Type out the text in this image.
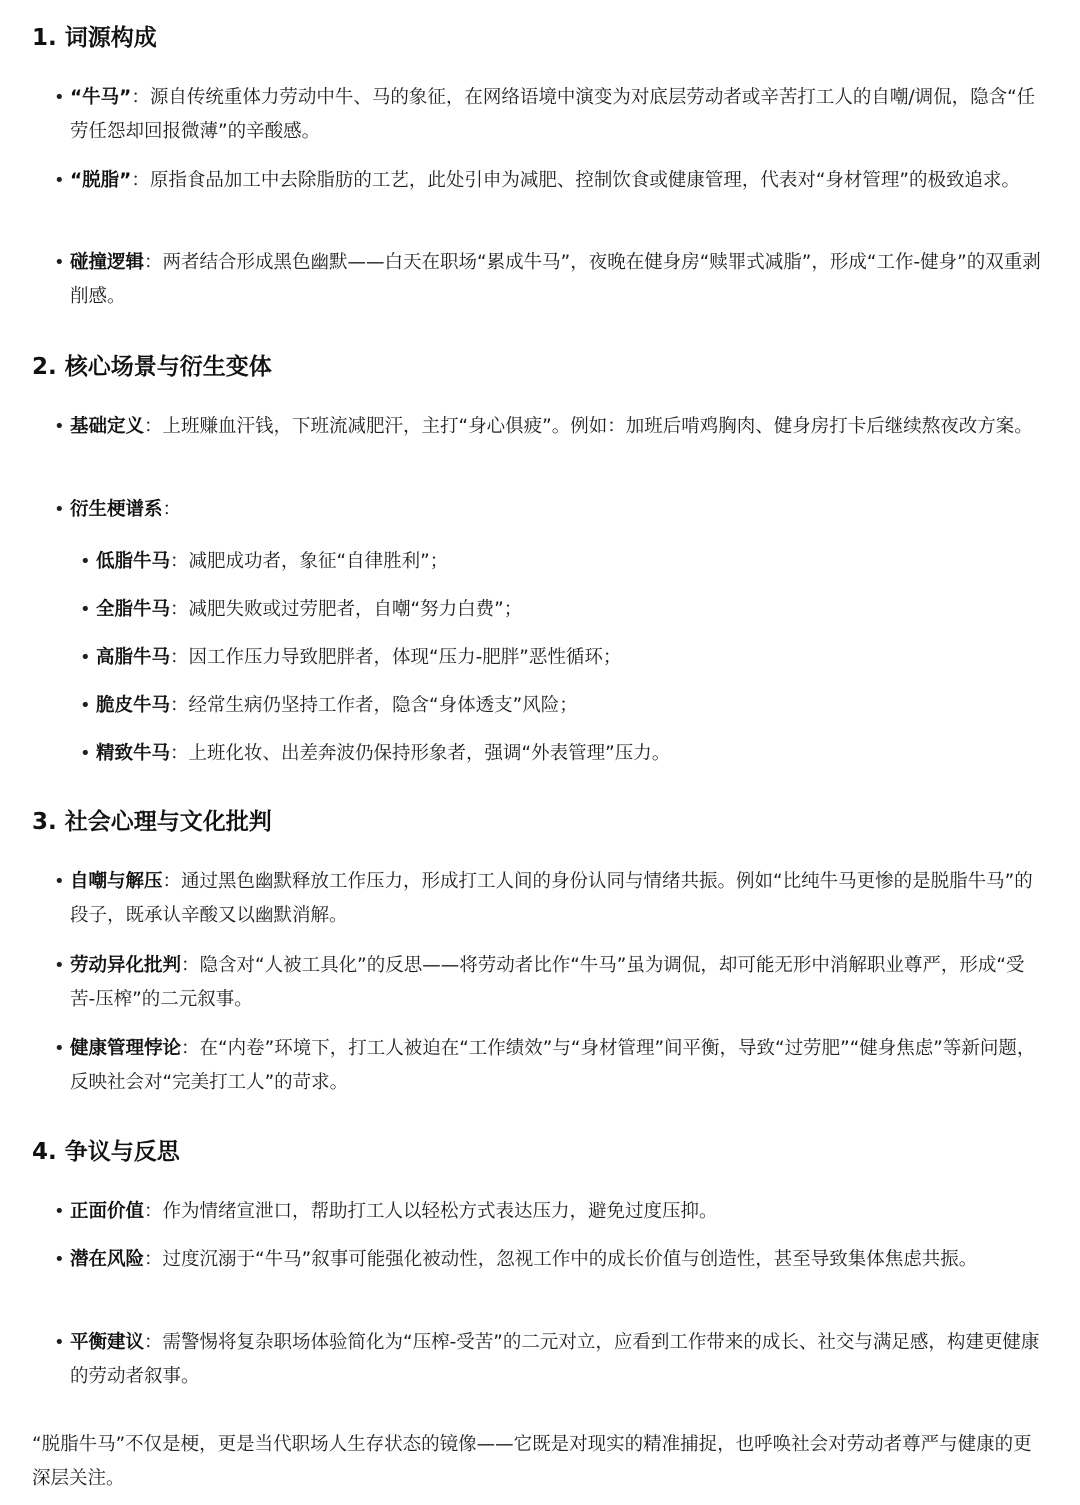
1. 词源构成
• “牛马”：源自传统重体力劳动中牛、马的象征，在网络语境中演变为对底层劳动者或辛苦打工人的自嘲/调侃，隐含“任劳任怨却回报微薄”的辛酸感。
• “脱脂”：原指食品加工中去除脂肪的工艺，此处引申为减肥、控制饮食或健康管理，代表对“身材管理”的极致追求。
• 碰撞逻辑：两者结合形成黑色幽默——白天在职场“累成牛马”，夜晚在健身房“赎罪式减脂”，形成“工作-健身”的双重剥削感。
2. 核心场景与衍生变体
• 基础定义：上班赚血汗钱，下班流减肥汗，主打“身心俱疲”。例如：加班后啃鸡胸肉、健身房打卡后继续熬夜改方案。
• 衍生梗谱系：
• 低脂牛马：减肥成功者，象征“自律胜利”；
• 全脂牛马：减肥失败或过劳肥者，自嘲“努力白费”；
• 高脂牛马：因工作压力导致肥胖者，体现“压力-肥胖”恶性循环；
• 脆皮牛马：经常生病仍坚持工作者，隐含“身体透支”风险；
• 精致牛马：上班化妆、出差奔波仍保持形象者，强调“外表管理”压力。
3. 社会心理与文化批判
• 自嘲与解压：通过黑色幽默释放工作压力，形成打工人间的身份认同与情绪共振。例如“比纯牛马更惨的是脱脂牛马”的段子，既承认辛酸又以幽默消解。
• 劳动异化批判：隐含对“人被工具化”的反思——将劳动者比作“牛马”虽为调侃，却可能无形中消解职业尊严，形成“受苦-压榨”的二元叙事。
• 健康管理悖论：在“内卷”环境下，打工人被迫在“工作绩效”与“身材管理”间平衡，导致“过劳肥”“健身焦虑”等新问题，反映社会对“完美打工人”的苛求。
4. 争议与反思
• 正面价值：作为情绪宣泄口，帮助打工人以轻松方式表达压力，避免过度压抑。
• 潜在风险：过度沉溺于“牛马”叙事可能强化被动性，忽视工作中的成长价值与创造性，甚至导致集体焦虑共振。
• 平衡建议：需警惕将复杂职场体验简化为“压榨-受苦”的二元对立，应看到工作带来的成长、社交与满足感，构建更健康的劳动者叙事。
“脱脂牛马”不仅是梗，更是当代职场人生存状态的镜像——它既是对现实的精准捕捉，也呼唤社会对劳动者尊严与健康的更深层关注。
